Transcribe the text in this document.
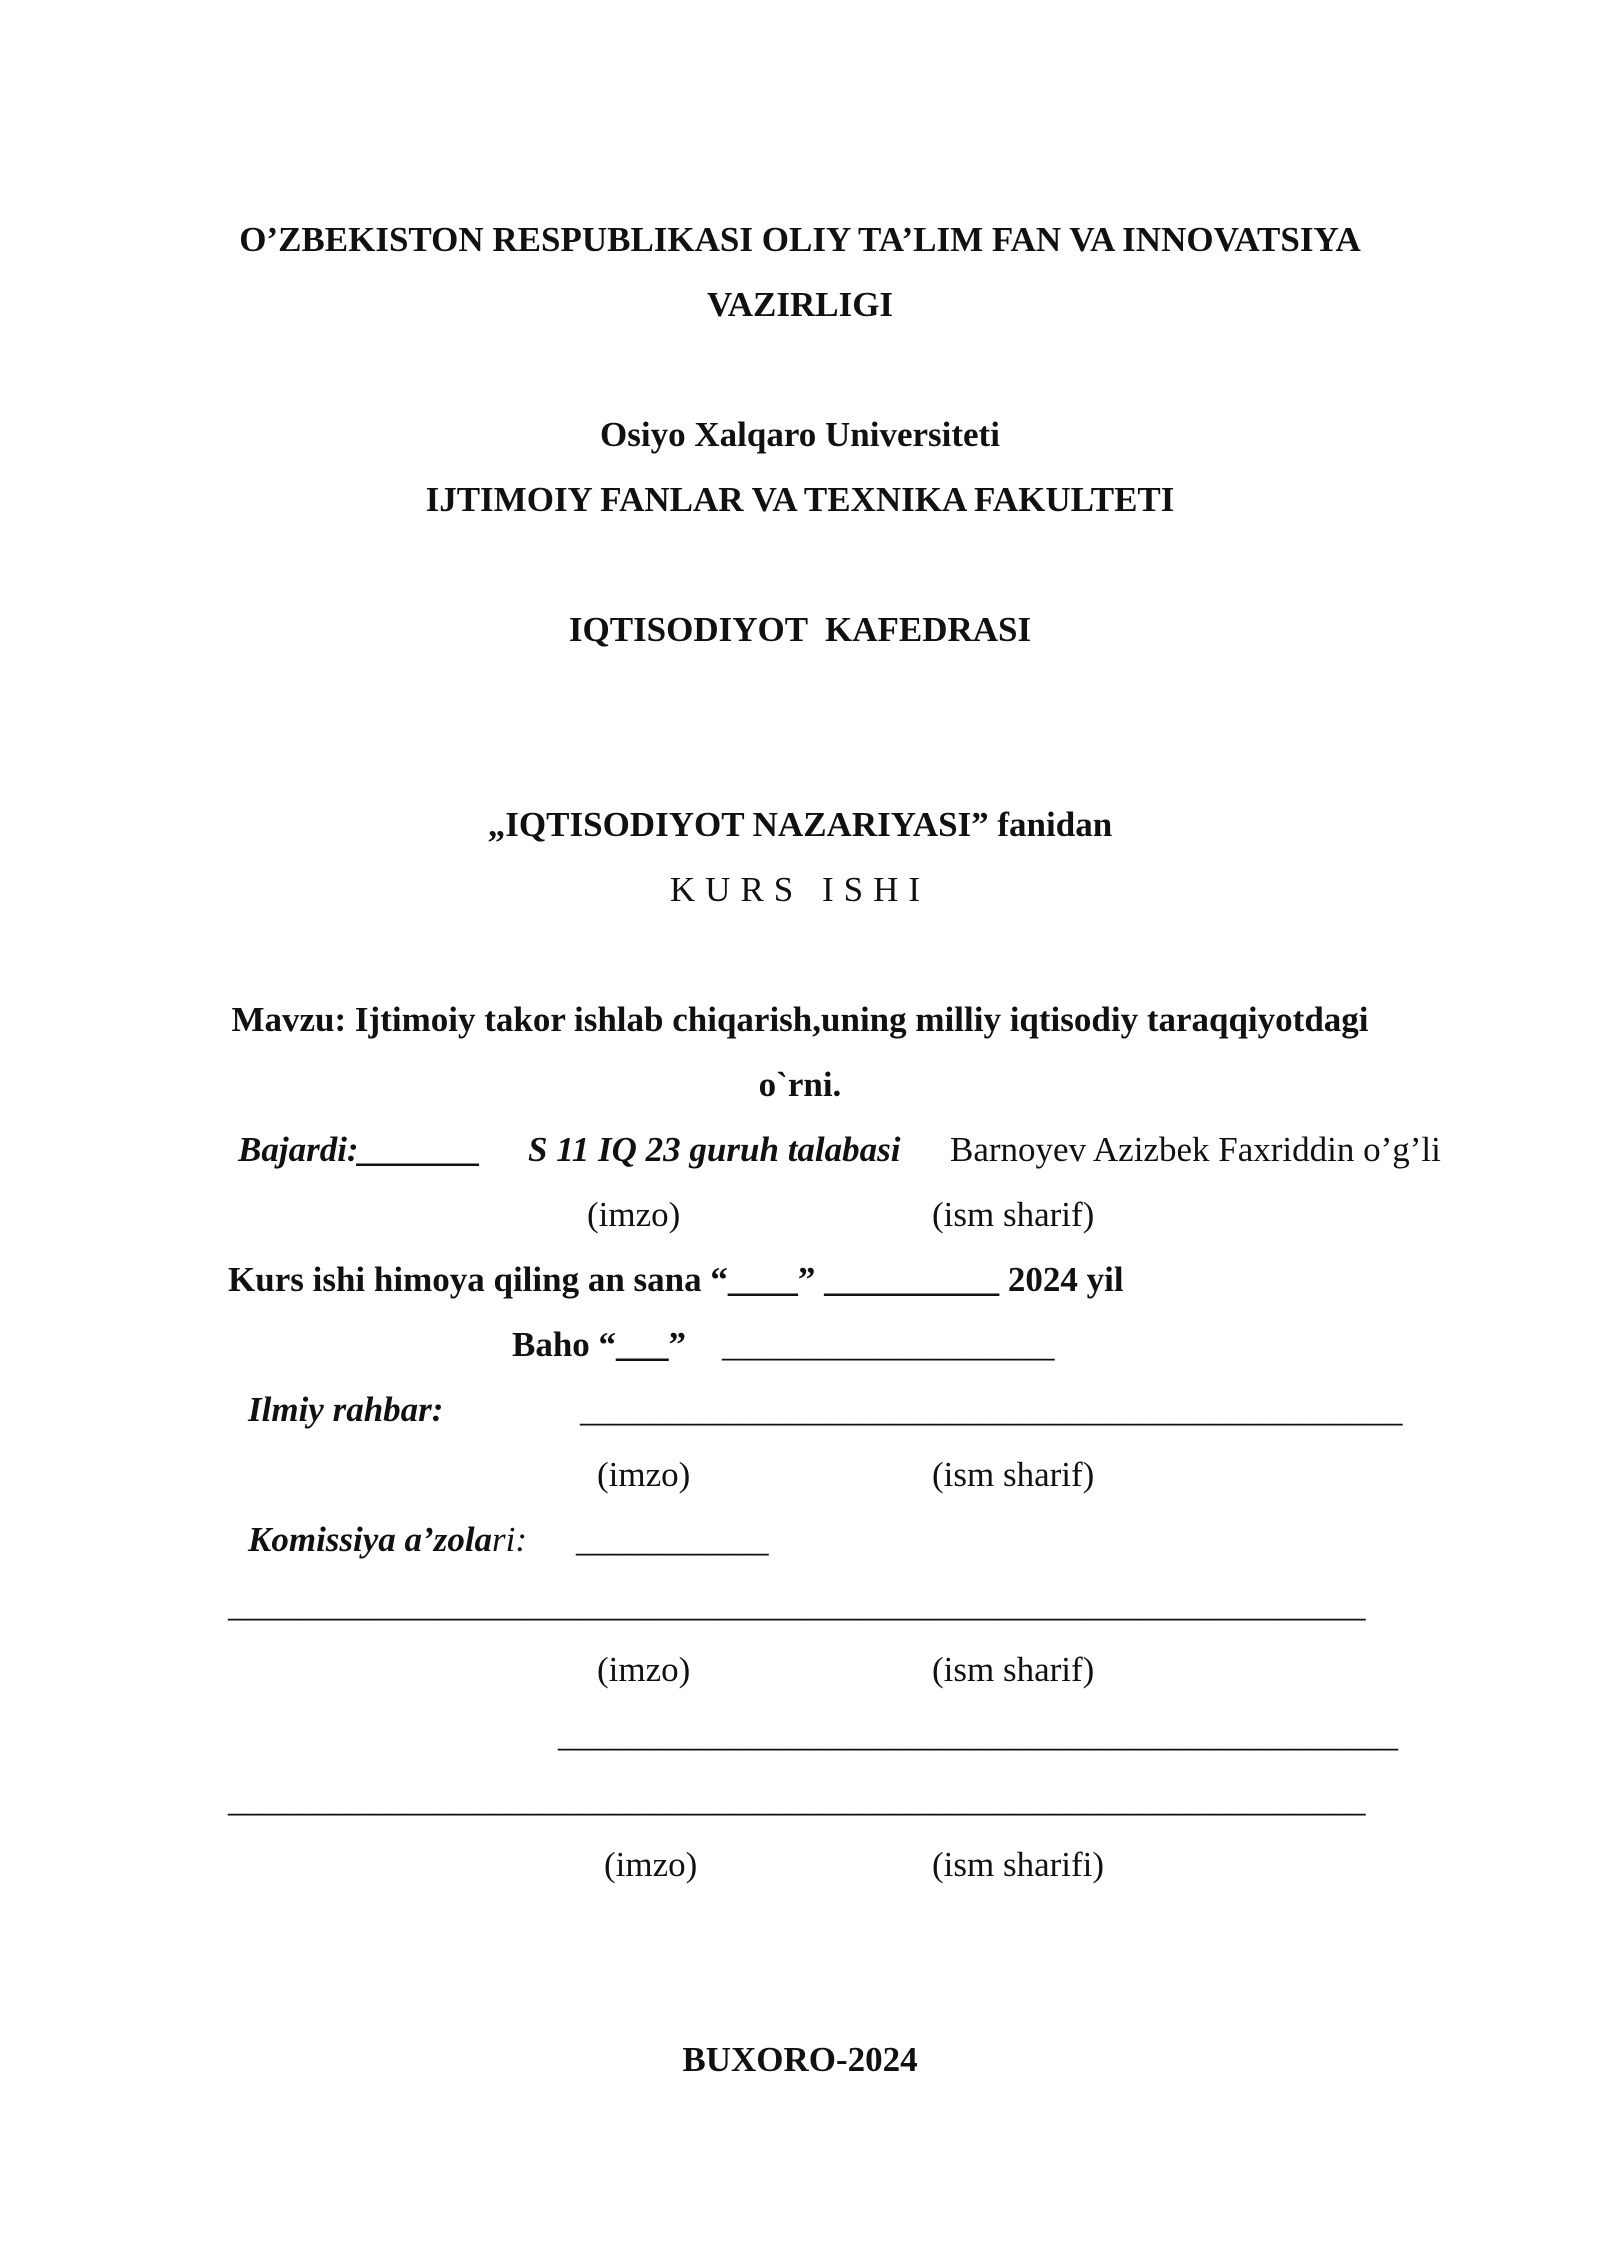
O’ZBEKISTON RESPUBLIKASI OLIY TA’LIM FAN VA INNOVATSIYA
VAZIRLIGI
Osiyo Xalqaro Universiteti
IJTIMOIY FANLAR VA TEXNIKA FAKULTETI
IQTISODIYOT  KAFEDRASI
„IQTISODIYOT NAZARIYASI” fanidan
KURS ISHI
Mavzu: Ijtimoiy takor ishlab chiqarish,uning milliy iqtisodiy taraqqiyotdagi
o`rni.
Bajardi:_______ S 11 IQ 23 guruh talabasi Barnoyev Azizbek Faxriddin o’g’li
(imzo)	(ism sharif)
Kurs ishi himoya qiling an sana “____” __________ 2024 yil
Baho “___” ___________________
Ilmiy rahbar:	_______________________________________________
(imzo)	(ism sharif)
Komissiya a’zolari: ___________
_________________________________________________________________
(imzo)	(ism sharif)
________________________________________________
_________________________________________________________________
(imzo)	(ism sharifi)
BUXORO-2024
